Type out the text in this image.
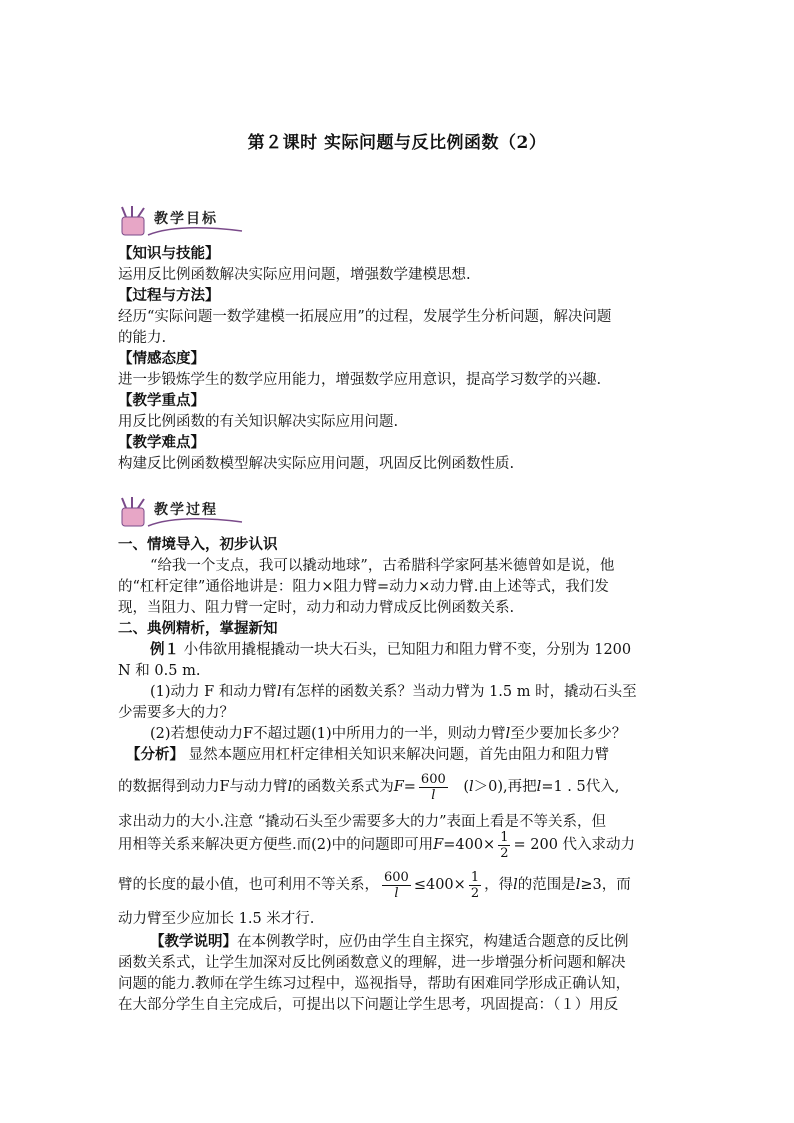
第２课时 实际问题与反比例函数（2）
教学目标
【知识与技能】
运用反比例函数解决实际应用问题，增强数学建模思想.
【过程与方法】
经历“实际问题一数学建模一拓展应用”的过程，发展学生分析问题，解决问题
的能力.
【情感态度】
进一步锻炼学生的数学应用能力，增强数学应用意识，提高学习数学的兴趣.
【教学重点】
用反比例函数的有关知识解决实际应用问题.
【教学难点】
构建反比例函数模型解决实际应用问题，巩固反比例函数性质.
教学过程
一、情境导入，初步认识
“给我一个支点，我可以撬动地球”，古希腊科学家阿基米德曾如是说，他
的“杠杆定律”通俗地讲是：阻力×阻力臂=动力×动力臂.由上述等式，我们发
现，当阻力、阻力臂一定时，动力和动力臂成反比例函数关系.
二、典例精析，掌握新知
例１ 小伟欲用撬棍撬动一块大石头，已知阻力和阻力臂不变，分别为 1200
N 和 0.5 m.
(1)动力 F 和动力臂l有怎样的函数关系？当动力臂为 1.5 m 时，撬动石头至
少需要多大的力？
(2)若想使动力F不超过题(1)中所用力的一半，则动力臂l至少要加长多少？
【分析】 显然本题应用杠杆定律相关知识来解决问题，首先由阻力和阻力臂
的数据得到动力F与动力臂l的函数关系式为$F= \frac{600}{l} (l>0)$,再把l=1 . 5代入,
求出动力的大小.注意 “撬动石头至少需要多大的力”表面上看是不等关系，但
用相等关系来解决更方便些.而(2)中的问题即可用$F=400\times \frac{1}{2} = 200$ 代入求动力
臂的长度的最小值，也可利用不等关系， $\frac{600}{l} \le 400\times \frac{1}{2}$ ，得l的范围是l≥3，而
动力臂至少应加长 1.5 米才行.
【教学说明】在本例教学时，应仍由学生自主探究，构建适合题意的反比例
函数关系式，让学生加深对反比例函数意义的理解，进一步增强分析问题和解决
问题的能力.教师在学生练习过程中，巡视指导，帮助有困难同学形成正确认知，
在大部分学生自主完成后，可提出以下问题让学生思考，巩固提高：（１）用反
